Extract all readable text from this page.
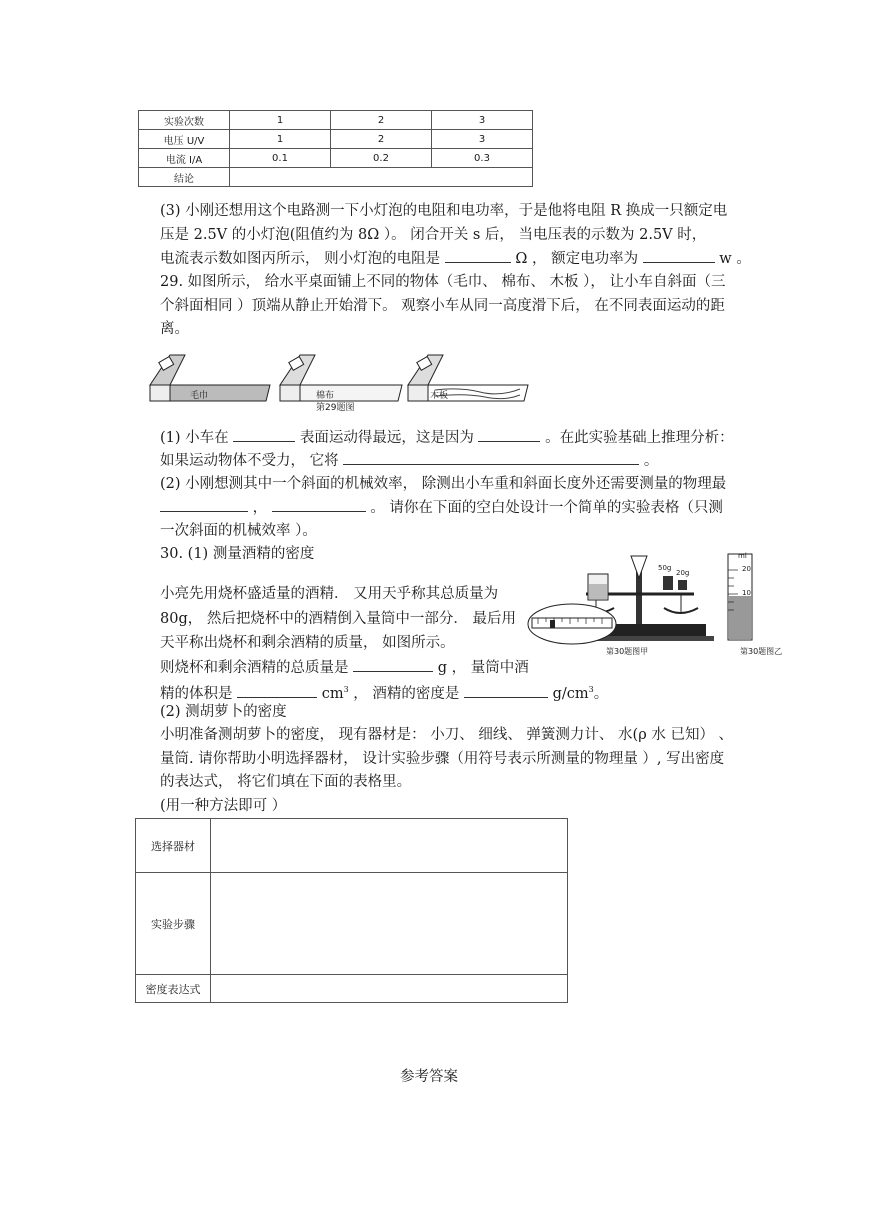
实验次数	1	2	3
电压 U/V	1	2	3
电流 I/A	0.1	0.2	0.3
结论			
(3) 小刚还想用这个电路测一下小灯泡的电阻和电功率，于是他将电阻 R 换成一只额定电
压是 2.5V 的小灯泡(阻值约为 8Ω ）。 闭合开关 s 后， 当电压表的示数为 2.5V 时，
电流表示数如图丙所示， 则小灯泡的电阻是	Ω ， 额定电功率为	w 。
29. 如图所示， 给水平桌面铺上不同的物体（毛巾、 棉布、 木板 ）， 让小车自斜面（三
个斜面相同 ）顶端从静止开始滑下。 观察小车从同一高度滑下后， 在不同表面运动的距
离。
毛巾	棉布	木板
第29题图
(1) 小车在	表面运动得最远，这是因为	。在此实验基础上推理分析：
如果运动物体不受力， 它将	。
(2) 小刚想测其中一个斜面的机械效率， 除测出小车重和斜面长度外还需要测量的物理最
，	。 请你在下面的空白处设计一个简单的实验表格（只测
一次斜面的机械效率 ）。
30. (1) 测量酒精的密度
小亮先用烧杯盛适量的酒精． 又用天乎称其总质量为
80g， 然后把烧杯中的酒精倒入量筒中一部分． 最后用
天平称出烧杯和剩余酒精的质量， 如图所示。
则烧杯和剩余酒精的总质量是	g ， 量筒中酒
精的体积是	$cm^3$ ， 酒精的密度是	$g/cm^3$。
50g
20g
第30题图甲
ml
20
10
第30题图乙
(2) 测胡萝卜的密度
小明准备测胡萝卜的密度， 现有器材是： 小刀、 细线、 弹簧测力计、 水(ρ 水 已知） 、
量筒. 请你帮助小明选择器材， 设计实验步骤（用符号表示所测量的物理量 ）, 写出密度
的表达式， 将它们填在下面的表格里。
(用一种方法即可 ）
选择器材	
实验步骤	
密度表达式	
参考答案
